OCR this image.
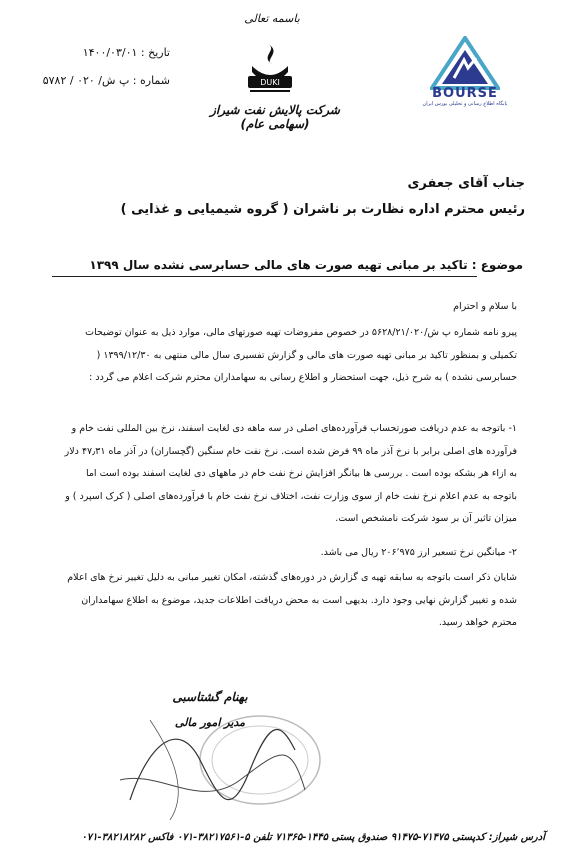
باسمه تعالی
تاریخ : ۱۴۰۰/۰۳/۰۱
شماره : پ ش/ ۰۲۰ / ۵۷۸۲	DUKI
شرکت پالایش نفت شیراز (سهامی عام)
BOURSE
پایگاه اطلاع رسانی و تحلیلی بورس ایران
جناب آقای جعفری
رئیس محترم اداره نظارت بر ناشران ( گروه شیمیایی و غذایی )
موضوع : تاکید بر مبانی تهیه صورت های مالی حسابرسی نشده سال ۱۳۹۹
با سلام و احترام
پیرو نامه شماره پ ش/۵۶۲۸/۲۱/۰۲۰ در خصوص مفروضات تهیه صورتهای مالی، موارد ذیل به عنوان توضیحات تکمیلی و بمنظور تاکید بر مبانی تهیه صورت های مالی و گزارش تفسیری سال مالی منتهی به ۱۳۹۹/۱۲/۳۰ ( حسابرسی نشده ) به شرح ذیل، جهت استحضار و اطلاع رسانی به سهامداران محترم شرکت اعلام می گردد :
۱- باتوجه به عدم دریافت صورتحساب فرآورده‌های اصلی در سه ماهه دی لغایت اسفند، نرخ بین المللی نفت خام و فرآورده های اصلی برابر با نرخ آذر ماه ۹۹ فرض شده است. نرخ نفت خام سنگین (گچساران) در آذر ماه ۴۷٫۳۱ دلار به ازاء هر بشکه بوده است . بررسی ها بیانگر افزایش نرخ نفت خام در ماههای دی لغایت اسفند بوده است اما باتوجه به عدم اعلام نرخ نفت خام از سوی وزارت نفت، اختلاف نرخ نفت خام با فرآورده‌های اصلی ( کرک اسپرد ) و میزان تاثیر آن بر سود شرکت نامشخص است.
۲- میانگین نرخ تسعیر ارز ۲۰۶٬۹۷۵ ریال می باشد.
شایان ذکر است باتوجه به سابقه تهیه ی گزارش در دوره‌های گذشته، امکان تغییر مبانی به دلیل تغییر نرخ های اعلام شده و تغییر گزارش نهایی وجود دارد. بدیهی است به محض دریافت اطلاعات جدید، موضوع به اطلاع سهامداران محترم خواهد رسید.
بهنام گشتاسبی
مدیر امور مالی
آدرس شیراز: کدپستی ۷۱۴۷۵-۹۱۴۷۵ صندوق پستی ۱۴۴۵-۷۱۳۶۵ تلفن ۵-۳۸۲۱۷۵۶۱-۰۷۱ فاکس ۳۸۲۱۸۲۸۲-۰۷۱
